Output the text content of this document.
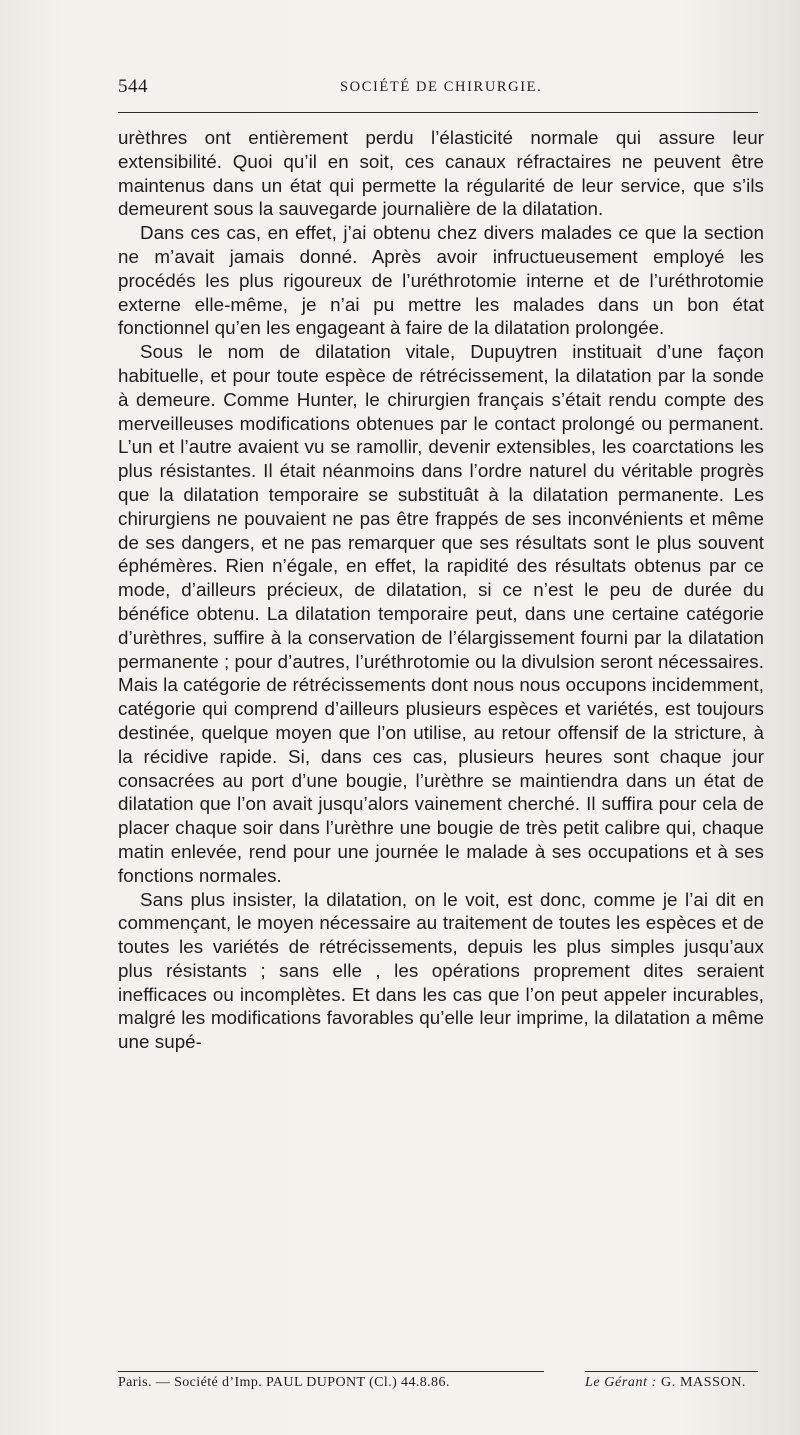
544	SOCIÉTÉ DE CHIRURGIE.

urèthres ont entièrement perdu l’élasticité normale qui assure leur extensibilité. Quoi qu’il en soit, ces canaux réfractaires ne peuvent être maintenus dans un état qui permette la régularité de leur service, que s’ils demeurent sous la sauvegarde journalière de la dilatation.

Dans ces cas, en effet, j’ai obtenu chez divers malades ce que la section ne m’avait jamais donné. Après avoir infructueusement employé les procédés les plus rigoureux de l’uréthrotomie interne et de l’uréthrotomie externe elle-même, je n’ai pu mettre les malades dans un bon état fonctionnel qu’en les engageant à faire de la dilatation prolongée.

Sous le nom de dilatation vitale, Dupuytren instituait d’une façon habituelle, et pour toute espèce de rétrécissement, la dilatation par la sonde à demeure. Comme Hunter, le chirurgien français s’était rendu compte des merveilleuses modifications obtenues par le contact prolongé ou permanent. L’un et l’autre avaient vu se ramollir, devenir extensibles, les coarctations les plus résistantes. Il était néanmoins dans l’ordre naturel du véritable progrès que la dilatation temporaire se substituât à la dilatation permanente. Les chirurgiens ne pouvaient ne pas être frappés de ses inconvénients et même de ses dangers, et ne pas remarquer que ses résultats sont le plus souvent éphémères. Rien n’égale, en effet, la rapidité des résultats obtenus par ce mode, d’ailleurs précieux, de dilatation, si ce n’est le peu de durée du bénéfice obtenu. La dilatation temporaire peut, dans une certaine catégorie d’urèthres, suffire à la conservation de l’élargissement fourni par la dilatation permanente ; pour d’autres, l’uréthrotomie ou la divulsion seront nécessaires. Mais la catégorie de rétrécissements dont nous nous occupons incidemment, catégorie qui comprend d’ailleurs plusieurs espèces et variétés, est toujours destinée, quelque moyen que l’on utilise, au retour offensif de la stricture, à la récidive rapide. Si, dans ces cas, plusieurs heures sont chaque jour consacrées au port d’une bougie, l’urèthre se maintiendra dans un état de dilatation que l’on avait jusqu’alors vainement cherché. Il suffira pour cela de placer chaque soir dans l’urèthre une bougie de très petit calibre qui, chaque matin enlevée, rend pour une journée le malade à ses occupations et à ses fonctions normales.

Sans plus insister, la dilatation, on le voit, est donc, comme je l’ai dit en commençant, le moyen nécessaire au traitement de toutes les espèces et de toutes les variétés de rétrécissements, depuis les plus simples jusqu’aux plus résistants ; sans elle , les opérations proprement dites seraient inefficaces ou incomplètes. Et dans les cas que l’on peut appeler incurables, malgré les modifications favorables qu’elle leur imprime, la dilatation a même une supé-

Paris. — Société d’Imp. PAUL DUPONT (Cl.) 44.8.86.	Le Gérant : G. MASSON.
